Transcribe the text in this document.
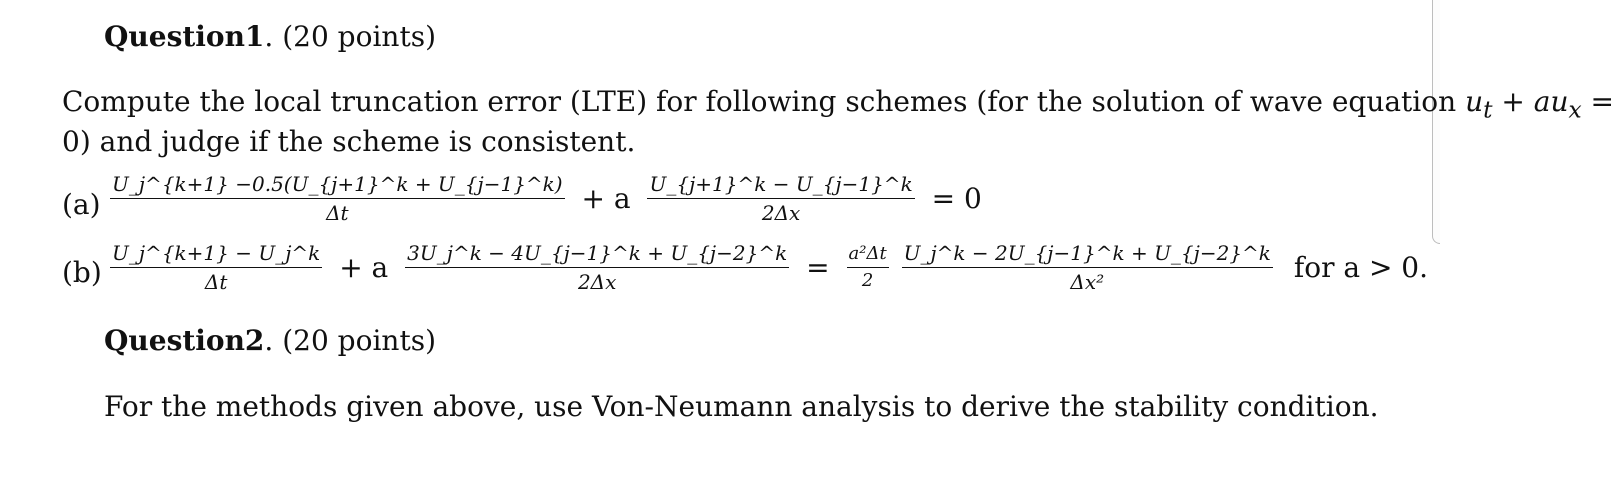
Question1. (20 points)
Compute the local truncation error (LTE) for following schemes (for the solution of wave equation $u_t + au_x$ =
0) and judge if the scheme is consistent.
$(a) \frac{U\_j\^{}\{k+1\} -0.5(U\_\{j+1\}\^{}k + U\_\{j-1\}\^{}k)}{\Delta t} + a \frac{U\_\{j+1\}\^{}k - U\_\{j-1\}\^{}k}{2\Delta x} = 0$
$(b) \frac{U\_j\^{}\{k+1\} - U\_j\^{}k}{\Delta t} + a \frac{3U\_j\^{}k - 4U\_\{j-1\}\^{}k + U\_\{j-2\}\^{}k}{2\Delta x} = \frac{\text{a²Δt}}{2}$
$\frac{U\_j\^{}k - 2U\_\{j-1\}\^{}k + U\_\{j-2\}\^{}k}{\text{Δx²}}$ for a > 0.
Question2. (20 points)
For the methods given above, use Von-Neumann analysis to derive the stability condition.
